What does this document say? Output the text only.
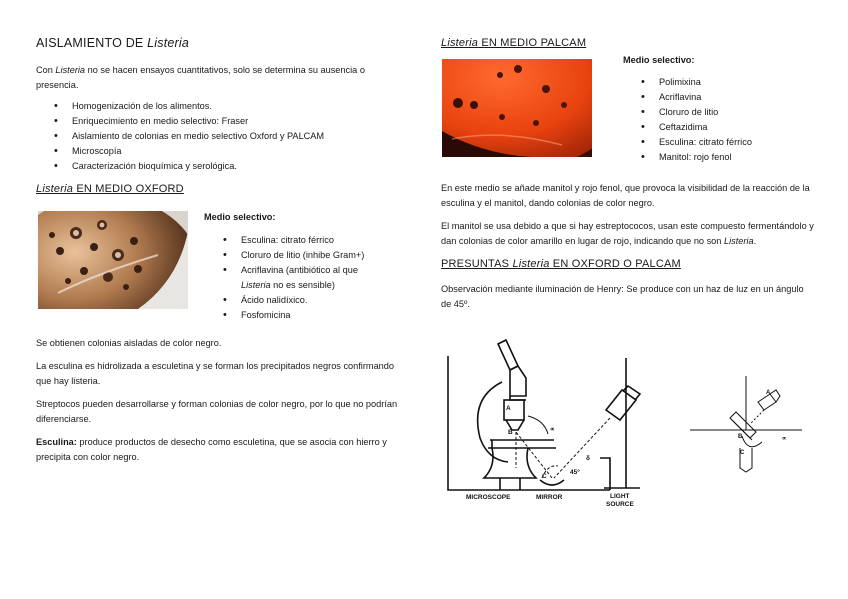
AISLAMIENTO DE Listeria

Con Listeria no se hacen ensayos cuantitativos, solo se determina su ausencia o presencia.

• Homogenización de los alimentos.
• Enriquecimiento en medio selectivo: Fraser
• Aislamiento de colonias en medio selectivo Oxford y PALCAM
• Microscopía
• Caracterización bioquímica y serológica.
Listeria EN MEDIO OXFORD
Medio selectivo:
• Esculina: citrato férrico
• Cloruro de litio (inhibe Gram+)
• Acriflavina (antibiótico al que
Listeria no es sensible)
• Ácido nalidíxico.
• Fosfomicina

Se obtienen colonias aisladas de color negro.

La esculina es hidrolizada a esculetina y se forman los precipitados negros confirmando que hay listeria.

Streptocos pueden desarrollarse y forman colonias de color negro, por lo que no podrían diferenciarse.

Esculina: produce productos de desecho como esculetina, que se asocia con hierro y precipita con color negro.

Listeria EN MEDIO PALCAM
Medio selectivo:
• Polimixina
• Acriflavina
• Cloruro de litio
• Ceftazidima
• Esculina: citrato férrico
• Manitol: rojo fenol

En este medio se añade manitol y rojo fenol, que provoca la visibilidad de la reacción de la esculina y el manitol, dando colonias de color negro.

El manitol se usa debido a que si hay estreptococos, usan este compuesto fermentándolo y dan colonias de color amarillo en lugar de rojo, indicando que no son Listeria.

PRESUNTAS Listeria EN OXFORD O PALCAM

Observación mediante iluminación de Henry: Se produce con un haz de luz en un ángulo de 45º.

A
B
C
∝
δ
45°
MICROSCOPE	MIRROR	LIGHT
SOURCE
A
B
C
∝
